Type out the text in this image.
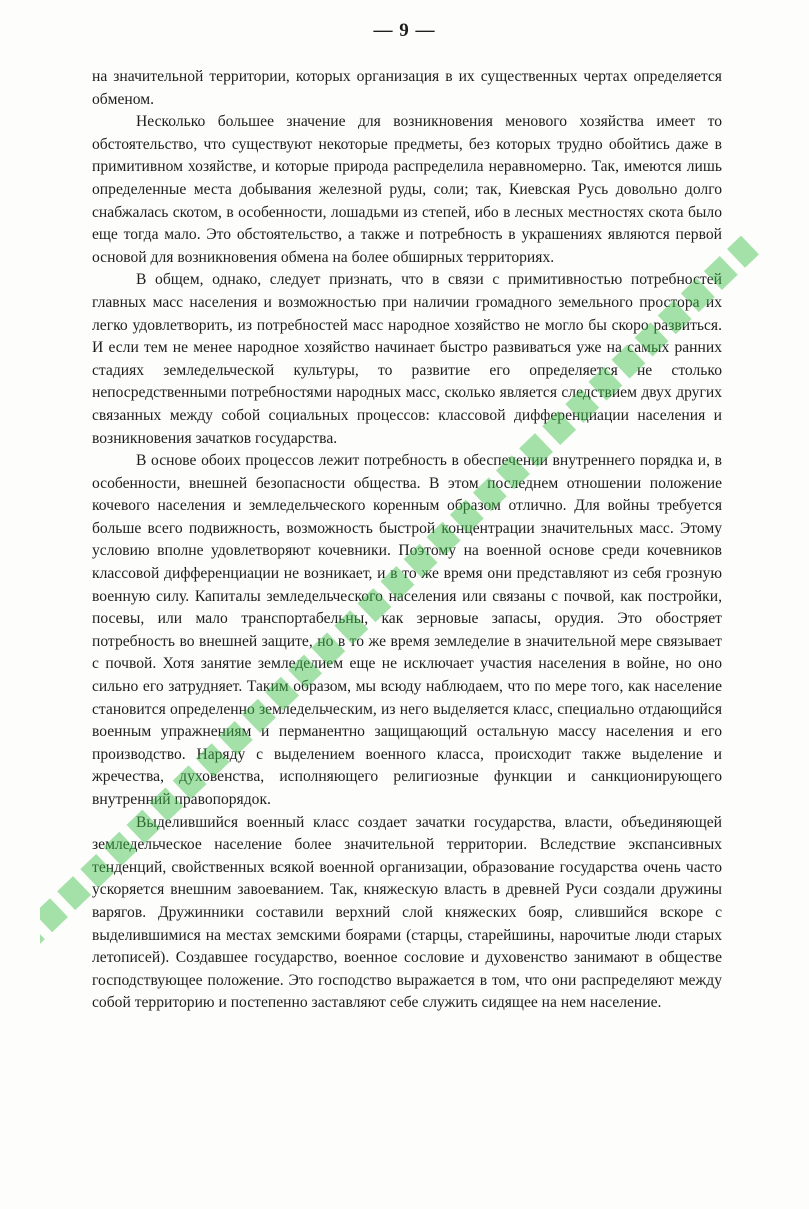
— 9 —

на значительной территории, которых организация в их существенных чертах определяется обменом.

Несколько большее значение для возникновения менового хозяйства имеет то обстоятельство, что существуют некоторые предметы, без которых трудно обойтись даже в примитивном хозяйстве, и которые природа распределила неравномерно. Так, имеются лишь определенные места добывания железной руды, соли; так, Киевская Русь довольно долго снабжалась скотом, в особенности, лошадьми из степей, ибо в лесных местностях скота было еще тогда мало. Это обстоятельство, а также и потребность в украшениях являются первой основой для возникновения обмена на более обширных территориях.

В общем, однако, следует признать, что в связи с примитивностью потребностей главных масс населения и возможностью при наличии громадного земельного простора их легко удовлетворить, из потребностей масс народное хозяйство не могло бы скоро развиться. И если тем не менее народное хозяйство начинает быстро развиваться уже на самых ранних стадиях земледельческой культуры, то развитие его определяется не столько непосредственными потребностями народных масс, сколько является следствием двух других связанных между собой социальных процессов: классовой дифференциации населения и возникновения зачатков государства.

В основе обоих процессов лежит потребность в обеспечении внутреннего порядка и, в особенности, внешней безопасности общества. В этом последнем отношении положение кочевого населения и земледельческого коренным образом отлично. Для войны требуется больше всего подвижность, возможность быстрой концентрации значительных масс. Этому условию вполне удовлетворяют кочевники. Поэтому на военной основе среди кочевников классовой дифференциации не возникает, и в то же время они представляют из себя грозную военную силу. Капиталы земледельческого населения или связаны с почвой, как постройки, посевы, или мало транспортабельны, как зерновые запасы, орудия. Это обостряет потребность во внешней защите, но в то же время земледелие в значительной мере связывает с почвой. Хотя занятие земледелием еще не исключает участия населения в войне, но оно сильно его затрудняет. Таким образом, мы всюду наблюдаем, что по мере того, как население становится определенно земледельческим, из него выделяется класс, специально отдающийся военным упражнениям и перманентно защищающий остальную массу населения и его производство. Наряду с выделением военного класса, происходит также выделение и жречества, духовенства, исполняющего религиозные функции и санкционирующего внутренний правопорядок.

Выделившийся военный класс создает зачатки государства, власти, объединяющей земледельческое население более значительной территории. Вследствие экспансивных тенденций, свойственных всякой военной организации, образование государства очень часто ускоряется внешним завоеванием. Так, княжескую власть в древней Руси создали дружины варягов. Дружинники составили верхний слой княжеских бояр, слившийся вскоре с выделившимися на местах земскими боярами (старцы, старейшины, нарочитые люди старых летописей). Создавшее государство, военное сословие и духовенство занимают в обществе господствующее положение. Это господство выражается в том, что они распределяют между собой территорию и постепенно заставляют себе служить сидящее на нем население.
